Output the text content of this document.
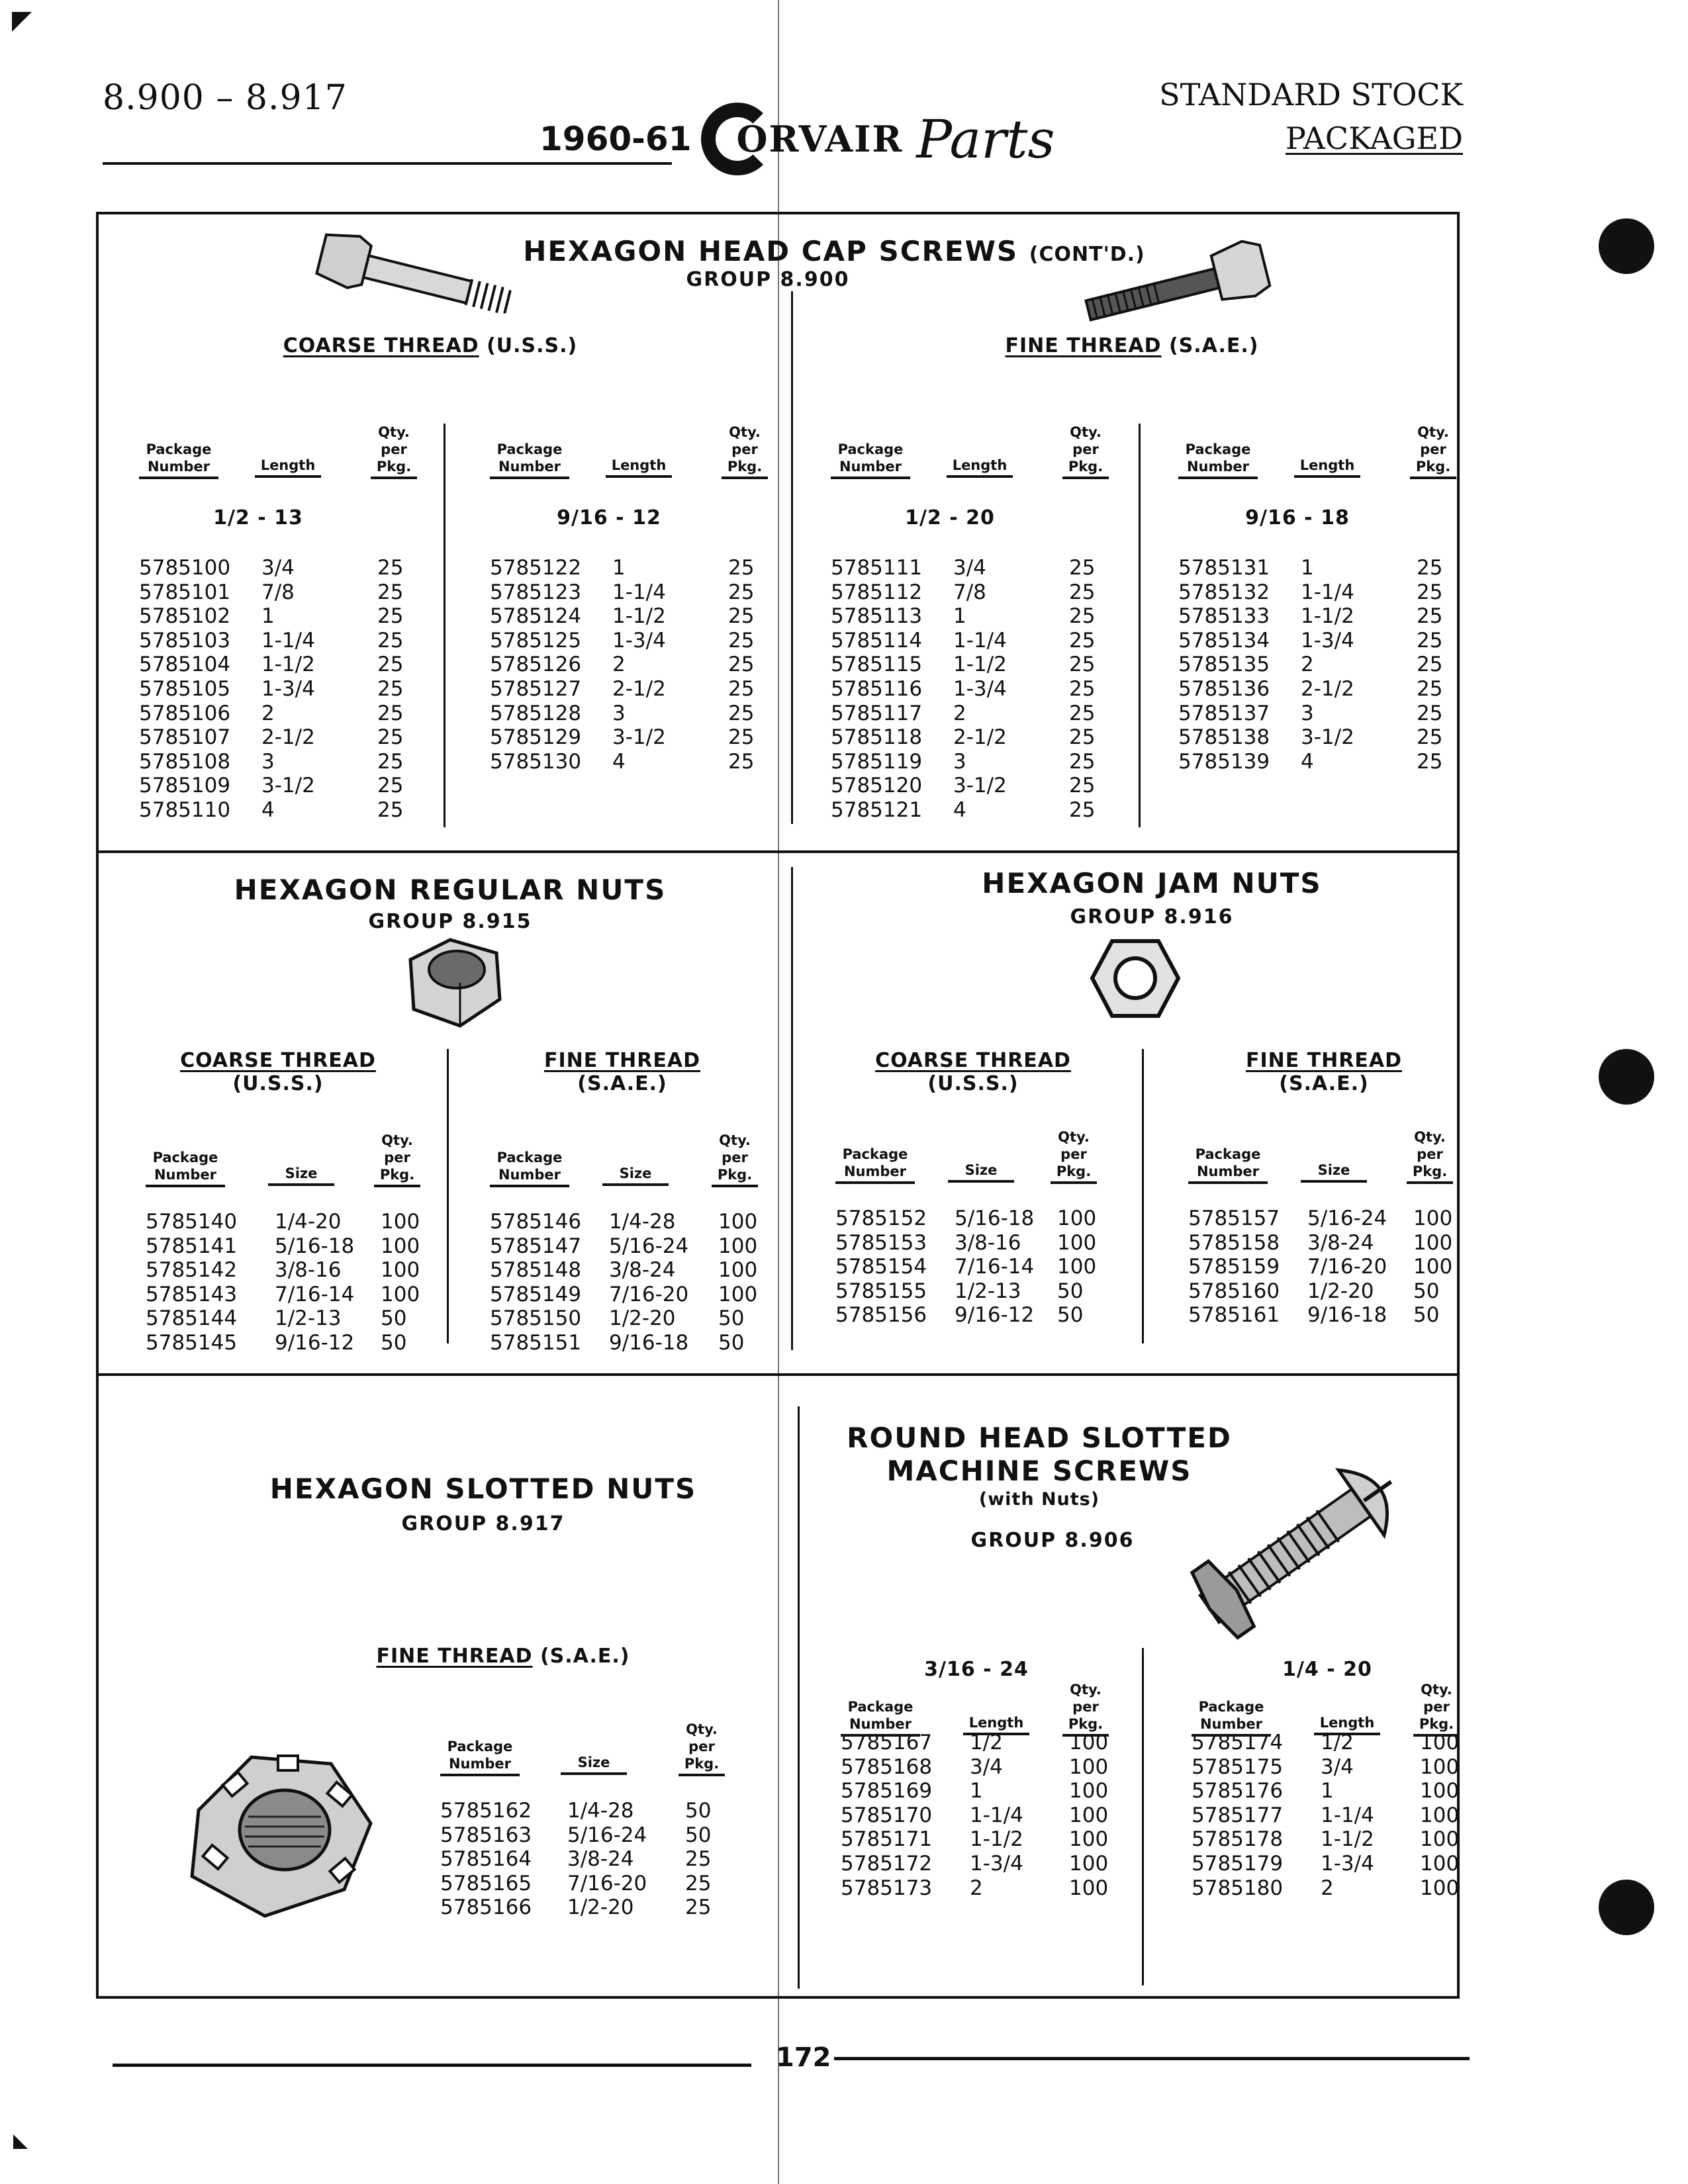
8.900 – 8.917
1960-61 ORVAIR Parts
STANDARD STOCK
PACKAGED
HEXAGON HEAD CAP SCREWS (CONT'D.)
GROUP 8.900
COARSE THREAD (U.S.S.)	FINE THREAD (S.A.E.)
HEXAGON REGULAR NUTS
GROUP 8.915
COARSE THREAD
(U.S.S.)
FINE THREAD
(S.A.E.)
HEXAGON JAM NUTS
GROUP 8.916
COARSE THREAD
(U.S.S.)
FINE THREAD
(S.A.E.)
HEXAGON SLOTTED NUTS
GROUP 8.917
FINE THREAD (S.A.E.)
ROUND HEAD SLOTTED
MACHINE SCREWS
(with Nuts)
GROUP 8.906
172
Package Number	Length
Qty. per Pkg.
1/2 - 13
5785100 3/4	25
5785101 7/8	25
5785102 1	25
5785103 1-1/4	25
5785104 1-1/2	25
5785105 1-3/4	25
5785106 2	25
5785107 2-1/2	25
5785108 3	25
5785109 3-1/2	25
5785110 4	25
Package Number	Length
Qty. per Pkg.
9/16 - 12
5785122 1	25
5785123 1-1/4	25
5785124 1-1/2	25
5785125 1-3/4	25
5785126 2	25
5785127 2-1/2	25
5785128 3	25
5785129 3-1/2	25
5785130 4	25
Package Number	Length
Qty. per Pkg.
1/2 - 20
5785111 3/4	25
5785112 7/8	25
5785113 1	25
5785114 1-1/4	25
5785115 1-1/2	25
5785116 1-3/4	25
5785117 2	25
5785118 2-1/2	25
5785119 3	25
5785120 3-1/2	25
5785121 4	25
Package Number	Length
Qty. per Pkg.
9/16 - 18
5785131 1	25
5785132 1-1/4	25
5785133 1-1/2	25
5785134 1-3/4	25
5785135 2	25
5785136 2-1/2	25
5785137 3	25
5785138 3-1/2	25
5785139 4	25
Package Number	Size
Qty. per Pkg.
5785140 1/4-20 100
5785141 5/16-18 100
5785142 3/8-16 100
5785143 7/16-14 100
5785144 1/2-13 50
5785145 9/16-12 50
Package Number	Size
Qty. per Pkg.
5785146 1/4-28 100
5785147 5/16-24 100
5785148 3/8-24 100
5785149 7/16-20 100
5785150 1/2-20 50
5785151 9/16-18 50
Package Number	Size
Qty. per Pkg.
5785152 5/16-18 100
5785153 3/8-16 100
5785154 7/16-14 100
5785155 1/2-13 50
5785156 9/16-12 50
Package Number	Size
Qty. per Pkg.
5785157 5/16-24 100
5785158 3/8-24 100
5785159 7/16-20 100
5785160 1/2-20 50
5785161 9/16-18 50
Package Number	Size
Qty. per Pkg.
5785162 1/4-28 50
5785163 5/16-24 50
5785164 3/8-24 25
5785165 7/16-20 25
5785166 1/2-20 25
Package Number	Length
Qty. per Pkg.
3/16 - 24
5785167 1/2	100
5785168 3/4	100
5785169 1	100
5785170 1-1/4 100
5785171 1-1/2 100
5785172 1-3/4 100
5785173 2	100
Package Number	Length
Qty. per Pkg.
1/4 - 20
5785174 1/2	100
5785175 3/4	100
5785176 1	100
5785177 1-1/4 100
5785178 1-1/2 100
5785179 1-3/4 100
5785180 2	100
